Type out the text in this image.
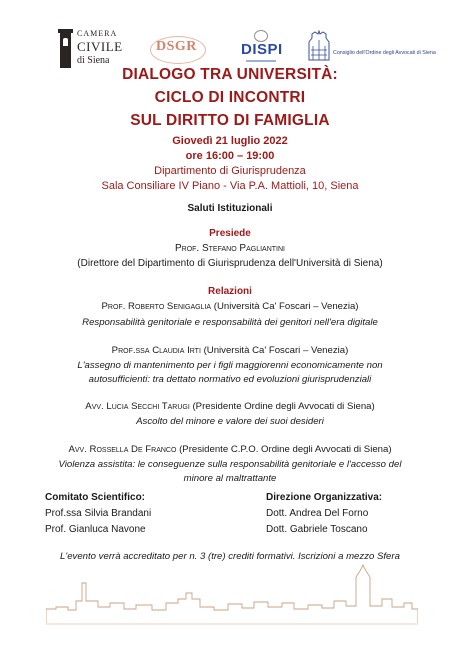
CAMERA
CIVILE
di Siena
DSGR	DISPI	Consiglio dell'Ordine degli Avvocati di Siena
DIALOGO TRA UNIVERSITÀ:
CICLO DI INCONTRI
SUL DIRITTO DI FAMIGLIA
Giovedì 21 luglio 2022
ore 16:00 – 19:00
Dipartimento di Giurisprudenza
Sala Consiliare IV Piano - Via P.A. Mattioli, 10, Siena
Saluti Istituzionali
Presiede
Prof. Stefano Pagliantini
(Direttore del Dipartimento di Giurisprudenza dell'Università di Siena)
Relazioni
Prof. Roberto Senigaglia (Università Ca' Foscari – Venezia)
Responsabilità genitoriale e responsabilità dei genitori nell'era digitale
Prof.ssa Claudia Irti (Università Ca' Foscari – Venezia)
L'assegno di mantenimento per i figli maggiorenni economicamente non
autosufficienti: tra dettato normativo ed evoluzioni giurisprudenziali
Avv. Lucia Secchi Tarugi (Presidente Ordine degli Avvocati di Siena)
Ascolto del minore e valore dei suoi desideri
Avv. Rossella De Franco (Presidente C.P.O. Ordine degli Avvocati di Siena)
Violenza assistita: le conseguenze sulla responsabilità genitoriale e l'accesso del
minore al maltrattante
Comitato Scientifico:
Prof.ssa Silvia Brandani
Prof. Gianluca Navone
Direzione Organizzativa:
Dott. Andrea Del Forno
Dott. Gabriele Toscano
L'evento verrà accreditato per n. 3 (tre) crediti formativi. Iscrizioni a mezzo Sfera
